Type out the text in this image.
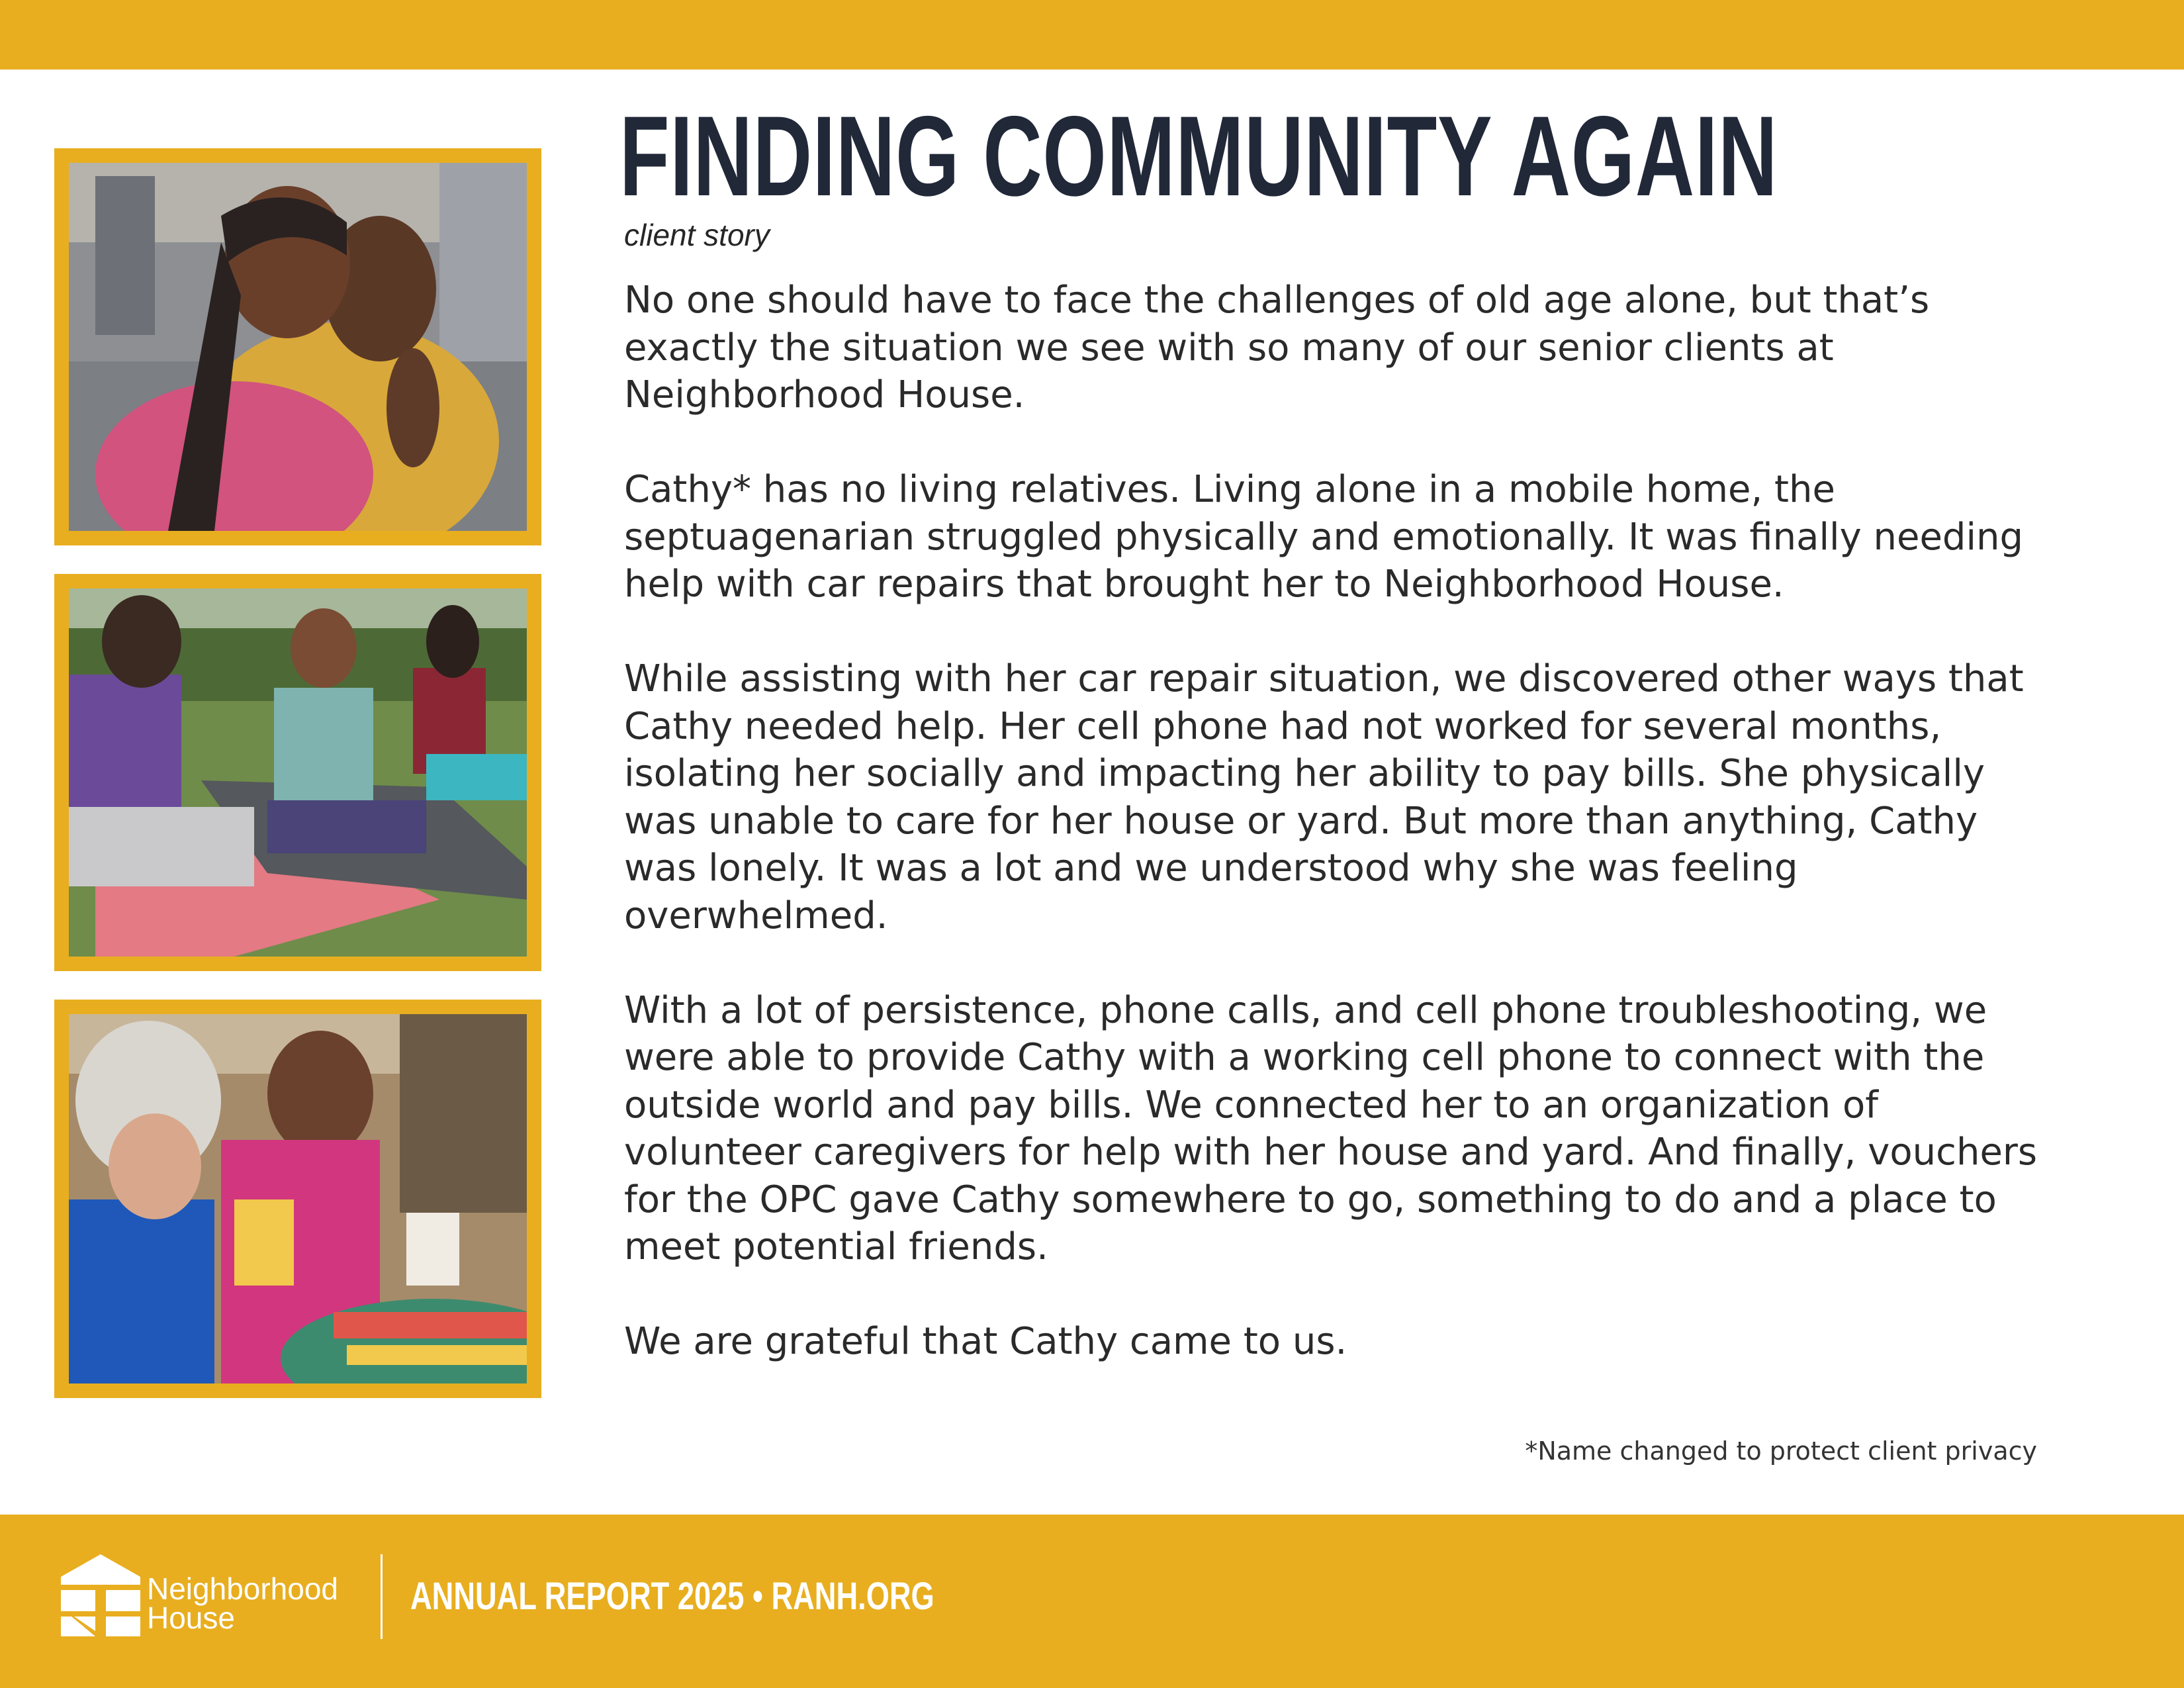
FINDING COMMUNITY AGAIN
client story

No one should have to face the challenges of old age alone, but that’s exactly the situation we see with so many of our senior clients at Neighborhood House.

Cathy* has no living relatives. Living alone in a mobile home, the septuagenarian struggled physically and emotionally. It was finally needing help with car repairs that brought her to Neighborhood House.

While assisting with her car repair situation, we discovered other ways that Cathy needed help. Her cell phone had not worked for several months, isolating her socially and impacting her ability to pay bills. She physically was unable to care for her house or yard. But more than anything, Cathy was lonely. It was a lot and we understood why she was feeling overwhelmed.

With a lot of persistence, phone calls, and cell phone troubleshooting, we were able to provide Cathy with a working cell phone to connect with the outside world and pay bills. We connected her to an organization of volunteer caregivers for help with her house and yard. And finally, vouchers for the OPC gave Cathy somewhere to go, something to do and a place to meet potential friends.

We are grateful that Cathy came to us.

*Name changed to protect client privacy
Neighborhood
House	ANNUAL REPORT 2025 • RANH.ORG
